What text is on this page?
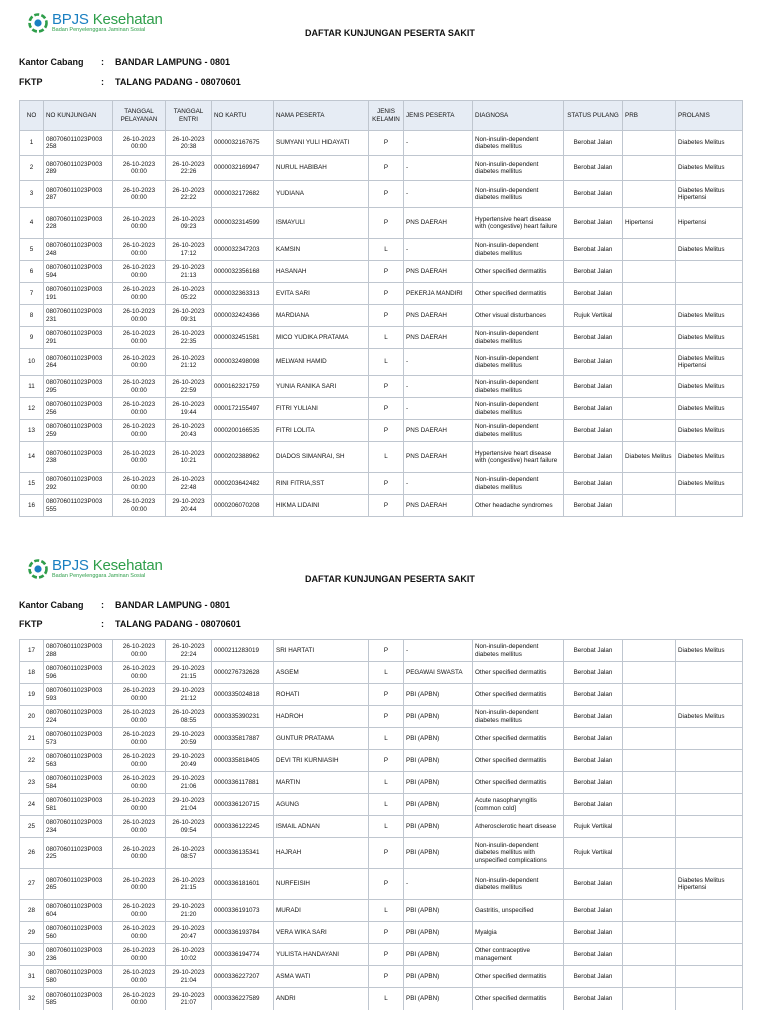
BPJS Kesehatan
Badan Penyelenggara Jaminan Sosial	DAFTAR KUNJUNGAN PESERTA SAKIT
Kantor Cabang : BANDAR LAMPUNG - 0801
FKTP	: TALANG PADANG - 08070601
NO	NO KUNJUNGAN	TANGGAL PELAYANAN	TANGGAL ENTRI	NO KARTU	NAMA PESERTA	JENIS KELAMIN	JENIS PESERTA	DIAGNOSA	STATUS PULANG	PRB	PROLANIS
1	080706011023P003 258	26-10-2023 00:00	26-10-2023 20:38	0000032167675	SUMYANI YULI HIDAYATI	P	-	Non-insulin-dependent diabetes mellitus	Berobat Jalan		Diabetes Melitus
2	080706011023P003 289	26-10-2023 00:00	26-10-2023 22:26	0000032169947	NURUL HABIBAH	P	-	Non-insulin-dependent diabetes mellitus	Berobat Jalan		Diabetes Melitus
3	080706011023P003 287	26-10-2023 00:00	26-10-2023 22:22	0000032172682	YUDIANA	P	-	Non-insulin-dependent diabetes mellitus	Berobat Jalan		Diabetes Melitus Hipertensi
4	080706011023P003 228	26-10-2023 00:00	26-10-2023 09:23	0000032314599	ISMAYULI	P	PNS DAERAH	Hypertensive heart disease with (congestive) heart failure	Berobat Jalan	Hipertensi	Hipertensi
5	080706011023P003 248	26-10-2023 00:00	26-10-2023 17:12	0000032347203	KAMSIN	L	-	Non-insulin-dependent diabetes mellitus	Berobat Jalan		Diabetes Melitus
6	080706011023P003 594	26-10-2023 00:00	29-10-2023 21:13	0000032356168	HASANAH	P	PNS DAERAH	Other specified dermatitis	Berobat Jalan		
7	080706011023P003 191	26-10-2023 00:00	26-10-2023 05:22	0000032363313	EVITA SARI	P	PEKERJA MANDIRI	Other specified dermatitis	Berobat Jalan		
8	080706011023P003 231	26-10-2023 00:00	26-10-2023 09:31	0000032424366	MARDIANA	P	PNS DAERAH	Other visual disturbances	Rujuk Vertikal		Diabetes Melitus
9	080706011023P003 291	26-10-2023 00:00	26-10-2023 22:35	0000032451581	MICO YUDIKA PRATAMA	L	PNS DAERAH	Non-insulin-dependent diabetes mellitus	Berobat Jalan		Diabetes Melitus
10	080706011023P003 264	26-10-2023 00:00	26-10-2023 21:12	0000032498098	MELWANI HAMID	L	-	Non-insulin-dependent diabetes mellitus	Berobat Jalan		Diabetes Melitus Hipertensi
11	080706011023P003 295	26-10-2023 00:00	26-10-2023 22:59	0000162321759	YUNIA RANIKA SARI	P	-	Non-insulin-dependent diabetes mellitus	Berobat Jalan		Diabetes Melitus
12	080706011023P003 256	26-10-2023 00:00	26-10-2023 19:44	0000172155497	FITRI YULIANI	P	-	Non-insulin-dependent diabetes mellitus	Berobat Jalan		Diabetes Melitus
13	080706011023P003 259	26-10-2023 00:00	26-10-2023 20:43	0000200166535	FITRI LOLITA	P	PNS DAERAH	Non-insulin-dependent diabetes mellitus	Berobat Jalan		Diabetes Melitus
14	080706011023P003 238	26-10-2023 00:00	26-10-2023 10:21	0000202388962	DIADOS SIMANRAI, SH	L	PNS DAERAH	Hypertensive heart disease with (congestive) heart failure	Berobat Jalan	Diabetes Melitus	Diabetes Melitus
15	080706011023P003 292	26-10-2023 00:00	26-10-2023 22:48	0000203642482	RINI FITRIA,SST	P	-	Non-insulin-dependent diabetes mellitus	Berobat Jalan		Diabetes Melitus
16	080706011023P003 555	26-10-2023 00:00	29-10-2023 20:44	0000206070208	HIKMA LIDAINI	P	PNS DAERAH	Other headache syndromes	Berobat Jalan		
BPJS Kesehatan
Badan Penyelenggara Jaminan Sosial	DAFTAR KUNJUNGAN PESERTA SAKIT
Kantor Cabang : BANDAR LAMPUNG - 0801
FKTP	: TALANG PADANG - 08070601
17	080706011023P003 288	26-10-2023 00:00	26-10-2023 22:24	0000211283019	SRI HARTATI	P	-	Non-insulin-dependent diabetes mellitus	Berobat Jalan		Diabetes Melitus
18	080706011023P003 596	26-10-2023 00:00	29-10-2023 21:15	0000276732628	ASGEM	L	PEGAWAI SWASTA	Other specified dermatitis	Berobat Jalan		
19	080706011023P003 593	26-10-2023 00:00	29-10-2023 21:12	0000335024818	ROHATI	P	PBI (APBN)	Other specified dermatitis	Berobat Jalan		
20	080706011023P003 224	26-10-2023 00:00	26-10-2023 08:55	0000335390231	HADROH	P	PBI (APBN)	Non-insulin-dependent diabetes mellitus	Berobat Jalan		Diabetes Melitus
21	080706011023P003 573	26-10-2023 00:00	29-10-2023 20:59	0000335817887	GUNTUR PRATAMA	L	PBI (APBN)	Other specified dermatitis	Berobat Jalan		
22	080706011023P003 563	26-10-2023 00:00	29-10-2023 20:49	0000335818405	DEVI TRI KURNIASIH	P	PBI (APBN)	Other specified dermatitis	Berobat Jalan		
23	080706011023P003 584	26-10-2023 00:00	29-10-2023 21:06	0000336117881	MARTIN	L	PBI (APBN)	Other specified dermatitis	Berobat Jalan		
24	080706011023P003 581	26-10-2023 00:00	29-10-2023 21:04	0000336120715	AGUNG	L	PBI (APBN)	Acute nasopharyngitis [common cold]	Berobat Jalan		
25	080706011023P003 234	26-10-2023 00:00	26-10-2023 09:54	0000336122245	ISMAIL ADNAN	L	PBI (APBN)	Atherosclerotic heart disease	Rujuk Vertikal		
26	080706011023P003 225	26-10-2023 00:00	26-10-2023 08:57	0000336135341	HAJRAH	P	PBI (APBN)	Non-insulin-dependent diabetes mellitus with unspecified complications	Rujuk Vertikal		
27	080706011023P003 265	26-10-2023 00:00	26-10-2023 21:15	0000336181601	NURFEISIH	P	-	Non-insulin-dependent diabetes mellitus	Berobat Jalan		Diabetes Melitus Hipertensi
28	080706011023P003 604	26-10-2023 00:00	29-10-2023 21:20	0000336191073	MURADI	L	PBI (APBN)	Gastritis, unspecified	Berobat Jalan		
29	080706011023P003 560	26-10-2023 00:00	29-10-2023 20:47	0000336193784	VERA WIKA SARI	P	PBI (APBN)	Myalgia	Berobat Jalan		
30	080706011023P003 236	26-10-2023 00:00	26-10-2023 10:02	0000336194774	YULISTA HANDAYANI	P	PBI (APBN)	Other contraceptive management	Berobat Jalan		
31	080706011023P003 580	26-10-2023 00:00	29-10-2023 21:04	0000336227207	ASMA WATI	P	PBI (APBN)	Other specified dermatitis	Berobat Jalan		
32	080706011023P003 585	26-10-2023 00:00	29-10-2023 21:07	0000336227589	ANDRI	L	PBI (APBN)	Other specified dermatitis	Berobat Jalan		
